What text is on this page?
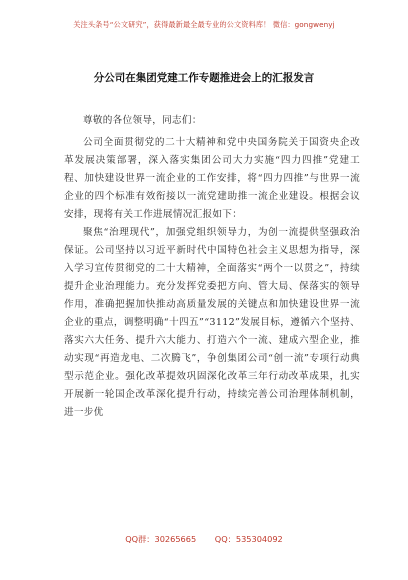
关注头条号“公文研究”，获得最新最全最专业的公文资料库！ 微信：gongwenyj
分公司在集团党建工作专题推进会上的汇报发言

尊敬的各位领导，同志们：

公司全面贯彻党的二十大精神和党中央国务院关于国资央企改革发展决策部署，深入落实集团公司大力实施“四力四推”党建工程、加快建设世界一流企业的工作安排，将“四力四推”与世界一流企业的四个标准有效衔接以一流党建助推一流企业建设。根据会议安排，现将有关工作进展情况汇报如下：

聚焦“治理现代”，加强党组织领导力，为创一流提供坚强政治保证。公司坚持以习近平新时代中国特色社会主义思想为指导，深入学习宣传贯彻党的二十大精神，全面落实“两个一以贯之”，持续提升企业治理能力。充分发挥党委把方向、管大局、保落实的领导作用，准确把握加快推动高质量发展的关键点和加快建设世界一流企业的重点，调整明确“十四五”“3112”发展目标，遵循六个坚持、落实六大任务、提升六大能力、打造六个一流、建成六型企业，推动实现“再造龙电、二次腾飞”，争创集团公司“创一流”专项行动典型示范企业。强化改革提效巩固深化改革三年行动改革成果，扎实开展新一轮国企改革深化提升行动，持续完善公司治理体制机制，进一步优

QQ群：30265665 QQ：535304092
